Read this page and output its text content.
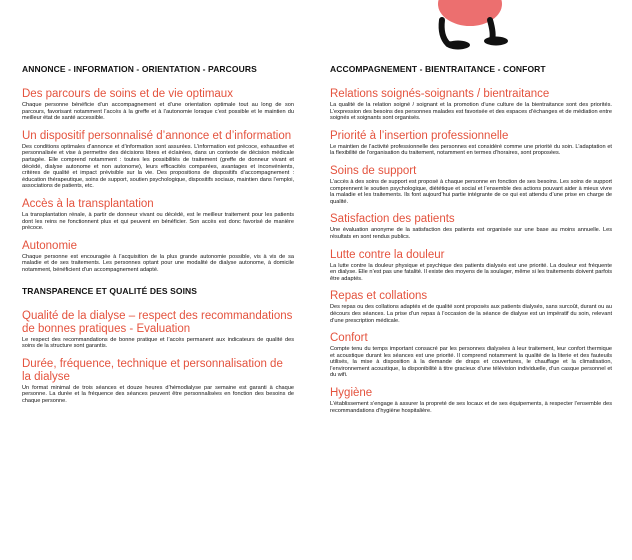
ANNONCE - INFORMATION - ORIENTATION - PARCOURS
Des parcours de soins et de vie optimaux

Chaque personne bénéficie d’un accompagnement et d’une orientation optimale tout au long de son parcours, favorisant notamment l’accès à la greffe et à l’autonomie lorsque c’est possible et le maintien du meilleur état de santé accessible.

Un dispositif personnalisé d’annonce et d’information

Des conditions optimales d’annonce et d’information sont assurées. L’information est précoce, exhaustive et personnalisée et vise à permettre des décisions libres et éclairées, dans un contexte de décision médicale partagée. Elle comprend notamment : toutes les possibilités de traitement (greffe de donneur vivant et décédé, dialyse autonome et non autonome), leurs efficacités comparées, avantages et inconvénients, critères de qualité et impact prévisible sur la vie. Des propositions de dispositifs d’accompagnement : éducation thérapeutique, soins de support, soutien psychologique, dispositifs sociaux, maintien dans l’emploi, associations de patients, etc.

Accès à la transplantation

La transplantation rénale, à partir de donneur vivant ou décédé, est le meilleur traitement pour les patients dont les reins ne fonctionnent plus et qui peuvent en bénéficier. Son accès est donc favorisé de manière précoce.

Autonomie

Chaque personne est encouragée à l’acquisition de la plus grande autonomie possible, vis à vis de sa maladie et de ses traitements. Les personnes optant pour une modalité de dialyse autonome, à domicile notamment, bénéficient d’un accompagnement adapté.

TRANSPARENCE ET QUALITÉ DES SOINS
Qualité de la dialyse – respect des recommandations de bonnes pratiques - Evaluation

Le respect des recommandations de bonne pratique et l’accès permanent aux indicateurs de qualité des soins de la structure sont garantis.

Durée, fréquence, technique et personnalisation de la dialyse

Un format minimal de trois séances et douze heures d’hémodialyse par semaine est garanti à chaque personne. La durée et la fréquence des séances peuvent être personnalisées en fonction des besoins de chaque personne.

ACCOMPAGNEMENT - BIENTRAITANCE - CONFORT
Relations soignés-soignants / bientraitance

La qualité de la relation soigné / soignant et la promotion d’une culture de la bientraitance sont des priorités. L’expression des besoins des personnes malades est favorisée et des espaces d’échanges et de médiation entre soignés et soignants sont organisés.

Priorité à l’insertion professionnelle

Le maintien de l’activité professionnelle des personnes est considéré comme une priorité du soin. L’adaptation et la flexibilité de l’organisation du traitement, notamment en termes d’horaires, sont proposées.

Soins de support

L’accès à des soins de support est proposé à chaque personne en fonction de ses besoins. Les soins de support comprennent le soutien psychologique, diététique et social et l’ensemble des actions pouvant aider à mieux vivre la maladie et les traitements. Ils font aujourd’hui partie intégrante de ce qui est attendu d’une prise en charge de qualité.

Satisfaction des patients

Une évaluation anonyme de la satisfaction des patients est organisée sur une base au moins annuelle. Les résultats en sont rendus publics.

Lutte contre la douleur

La lutte contre la douleur physique et psychique des patients dialysés est une priorité. La douleur est fréquente en dialyse. Elle n’est pas une fatalité. Il existe des moyens de la soulager, même si les traitements doivent parfois être adaptés.

Repas et collations

Des repas ou des collations adaptés et de qualité sont proposés aux patients dialysés, sans surcoût, durant ou au décours des séances. La prise d’un repas à l’occasion de la séance de dialyse est un impératif du soin, relevant d’une prescription médicale.

Confort

Compte tenu du temps important consacré par les personnes dialysées à leur traitement, leur confort thermique et acoustique durant les séances est une priorité. Il comprend notamment la qualité de la literie et des fauteuils utilisés, la mise à disposition à la demande de draps et couvertures, le chauffage et la climatisation, l’environnement acoustique, la disponibilité à titre gracieux d’une télévision individuelle, d’un casque personnel et du wifi.

Hygiène

L’établissement s’engage à assurer la propreté de ses locaux et de ses équipements, à respecter l’ensemble des recommandations d’hygiène hospitalière.
